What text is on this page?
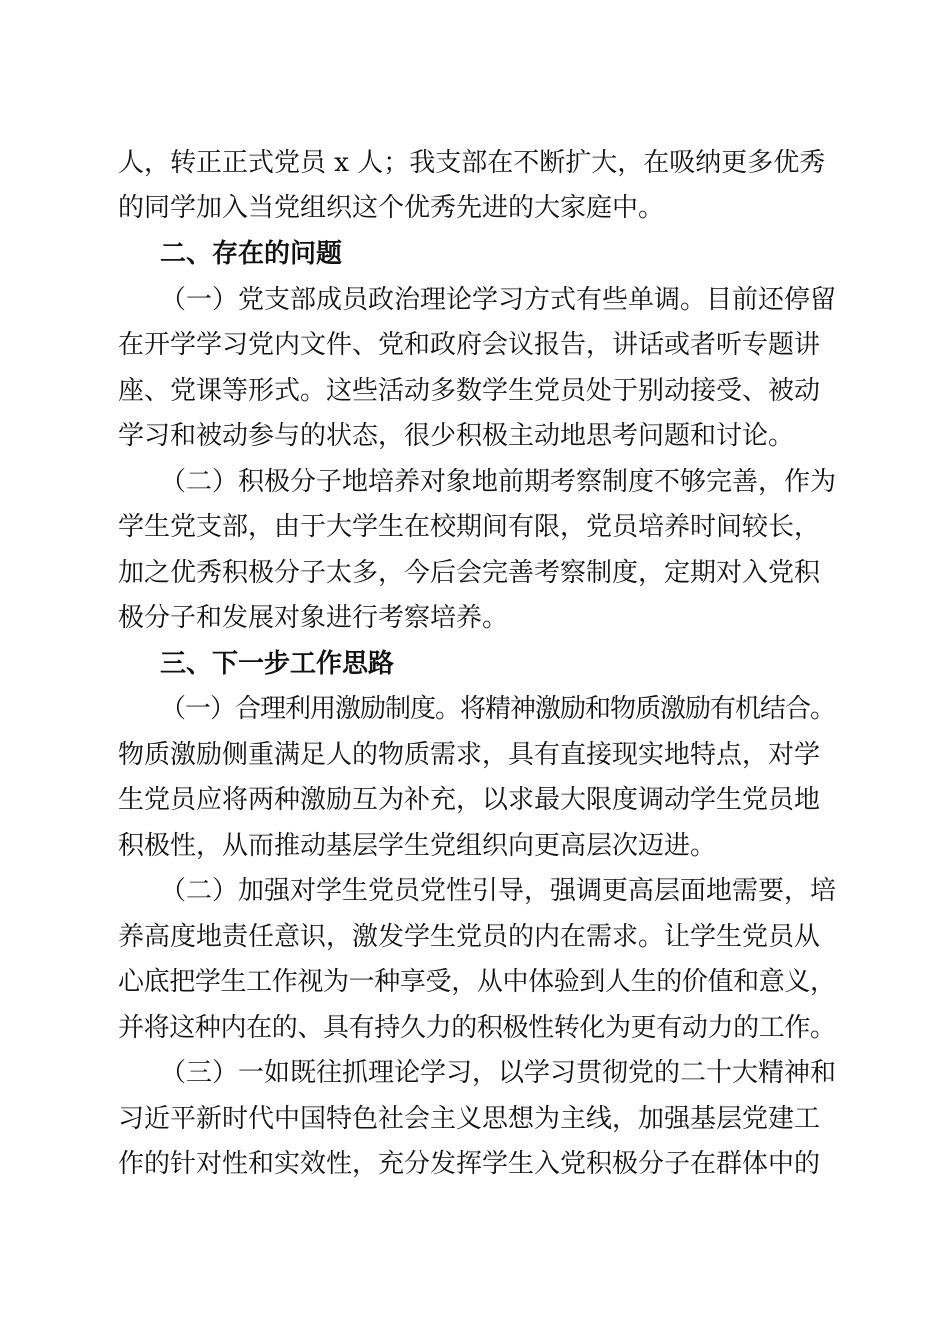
人，转正正式党员 x 人；我支部在不断扩大，在吸纳更多优秀
的同学加入当党组织这个优秀先进的大家庭中。
二、存在的问题
（一）党支部成员政治理论学习方式有些单调。目前还停留
在开学学习党内文件、党和政府会议报告，讲话或者听专题讲
座、党课等形式。这些活动多数学生党员处于别动接受、被动
学习和被动参与的状态，很少积极主动地思考问题和讨论。
（二）积极分子地培养对象地前期考察制度不够完善，作为
学生党支部，由于大学生在校期间有限，党员培养时间较长，
加之优秀积极分子太多，今后会完善考察制度，定期对入党积
极分子和发展对象进行考察培养。
三、下一步工作思路
（一）合理利用激励制度。将精神激励和物质激励有机结合。
物质激励侧重满足人的物质需求，具有直接现实地特点，对学
生党员应将两种激励互为补充，以求最大限度调动学生党员地
积极性，从而推动基层学生党组织向更高层次迈进。
（二）加强对学生党员党性引导，强调更高层面地需要，培
养高度地责任意识，激发学生党员的内在需求。让学生党员从
心底把学生工作视为一种享受，从中体验到人生的价值和意义，
并将这种内在的、具有持久力的积极性转化为更有动力的工作。
（三）一如既往抓理论学习，以学习贯彻党的二十大精神和
习近平新时代中国特色社会主义思想为主线，加强基层党建工
作的针对性和实效性，充分发挥学生入党积极分子在群体中的
